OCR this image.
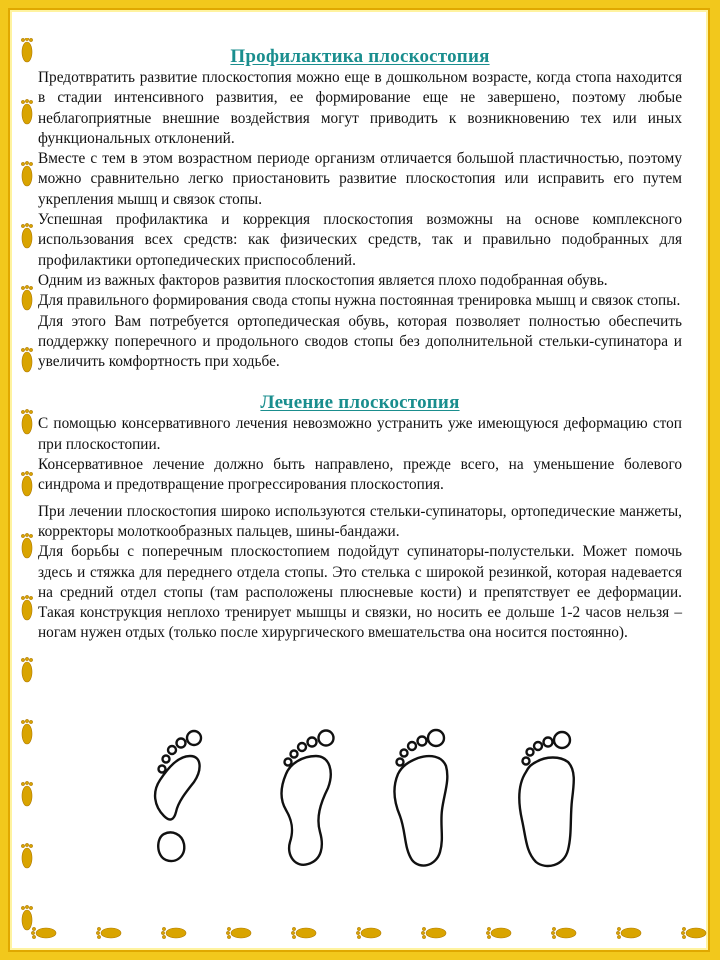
Профилактика плоскостопия

Предотвратить развитие плоскостопия можно еще в дошкольном возрасте, когда стопа находится в стадии интенсивного развития, ее формирование еще не завершено, поэтому любые неблагоприятные внешние воздействия могут приводить к возникновению тех или иных функциональных отклонений.

Вместе с тем в этом возрастном периоде организм отличается большой пластичностью, поэтому можно сравнительно легко приостановить развитие плоскостопия или исправить его путем укрепления мышц и связок стопы.

Успешная профилактика и коррекция плоскостопия возможны на основе комплексного использования всех средств: как физических средств, так и правильно подобранных для профилактики ортопедических приспособлений.

Одним из важных факторов развития плоскостопия является плохо подобранная обувь.

Для правильного формирования свода стопы нужна постоянная тренировка мышц и связок стопы.

Для этого Вам потребуется ортопедическая обувь, которая позволяет полностью обеспечить поддержку поперечного и продольного сводов стопы без дополнительной стельки-супинатора и увеличить комфортность при ходьбе.

Лечение плоскостопия

С помощью консервативного лечения невозможно устранить уже имеющуюся деформацию стоп при плоскостопии.

Консервативное лечение должно быть направлено, прежде всего, на уменьшение болевого синдрома и предотвращение прогрессирования плоскостопия.

При лечении плоскостопия широко используются стельки-супинаторы, ортопедические манжеты, корректоры молоткообразных пальцев, шины-бандажи.

Для борьбы с поперечным плоскостопием подойдут супинаторы-полустельки. Может помочь здесь и стяжка для переднего отдела стопы. Это стелька с широкой резинкой, которая надевается на средний отдел стопы (там расположены плюсневые кости) и препятствует ее деформации. Такая конструкция неплохо тренирует мышцы и связки, но носить ее дольше 1-2 часов нельзя – ногам нужен отдых (только после хирургического вмешательства она носится постоянно).
